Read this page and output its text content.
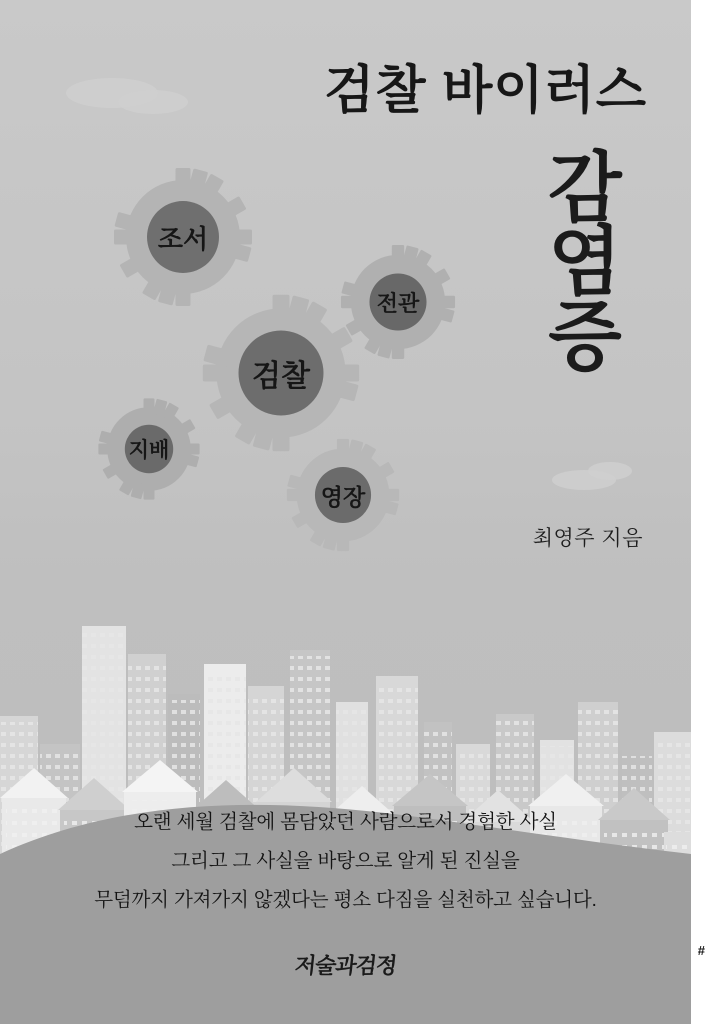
검찰 바이러스
감
염
증
최영주 지음
조서
전관
검찰
지배
영장
오랜 세월 검찰에 몸담았던 사람으로서 경험한 사실
그리고 그 사실을 바탕으로 알게 된 진실을
무덤까지 가져가지 않겠다는 평소 다짐을 실천하고 싶습니다.
저술과검정
#
